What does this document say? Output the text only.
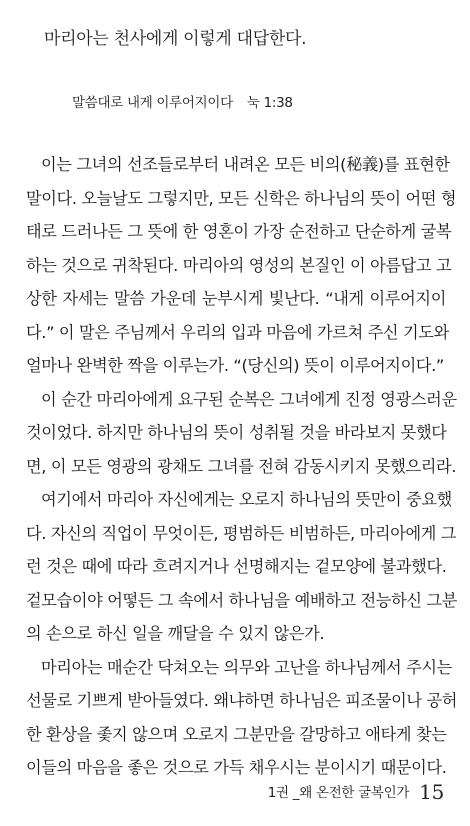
마리아는 천사에게 이렇게 대답한다.
말씀대로 내게 이루어지이다 눅 1:38
이는 그녀의 선조들로부터 내려온 모든 비의(秘義)를 표현한
말이다. 오늘날도 그렇지만, 모든 신학은 하나님의 뜻이 어떤 형
태로 드러나든 그 뜻에 한 영혼이 가장 순전하고 단순하게 굴복
하는 것으로 귀착된다. 마리아의 영성의 본질인 이 아름답고 고
상한 자세는 말씀 가운데 눈부시게 빛난다. “내게 이루어지이
다.” 이 말은 주님께서 우리의 입과 마음에 가르쳐 주신 기도와
얼마나 완벽한 짝을 이루는가. “(당신의) 뜻이 이루어지이다.”
이 순간 마리아에게 요구된 순복은 그녀에게 진정 영광스러운
것이었다. 하지만 하나님의 뜻이 성취될 것을 바라보지 못했다
면, 이 모든 영광의 광채도 그녀를 전혀 감동시키지 못했으리라.
여기에서 마리아 자신에게는 오로지 하나님의 뜻만이 중요했
다. 자신의 직업이 무엇이든, 평범하든 비범하든, 마리아에게 그
런 것은 때에 따라 흐려지거나 선명해지는 겉모양에 불과했다.
겉모습이야 어떻든 그 속에서 하나님을 예배하고 전능하신 그분
의 손으로 하신 일을 깨달을 수 있지 않은가.
마리아는 매순간 닥쳐오는 의무와 고난을 하나님께서 주시는
선물로 기쁘게 받아들였다. 왜냐하면 하나님은 피조물이나 공허
한 환상을 좇지 않으며 오로지 그분만을 갈망하고 애타게 찾는
이들의 마음을 좋은 것으로 가득 채우시는 분이시기 때문이다.
1권 _왜 온전한 굴복인가 15
